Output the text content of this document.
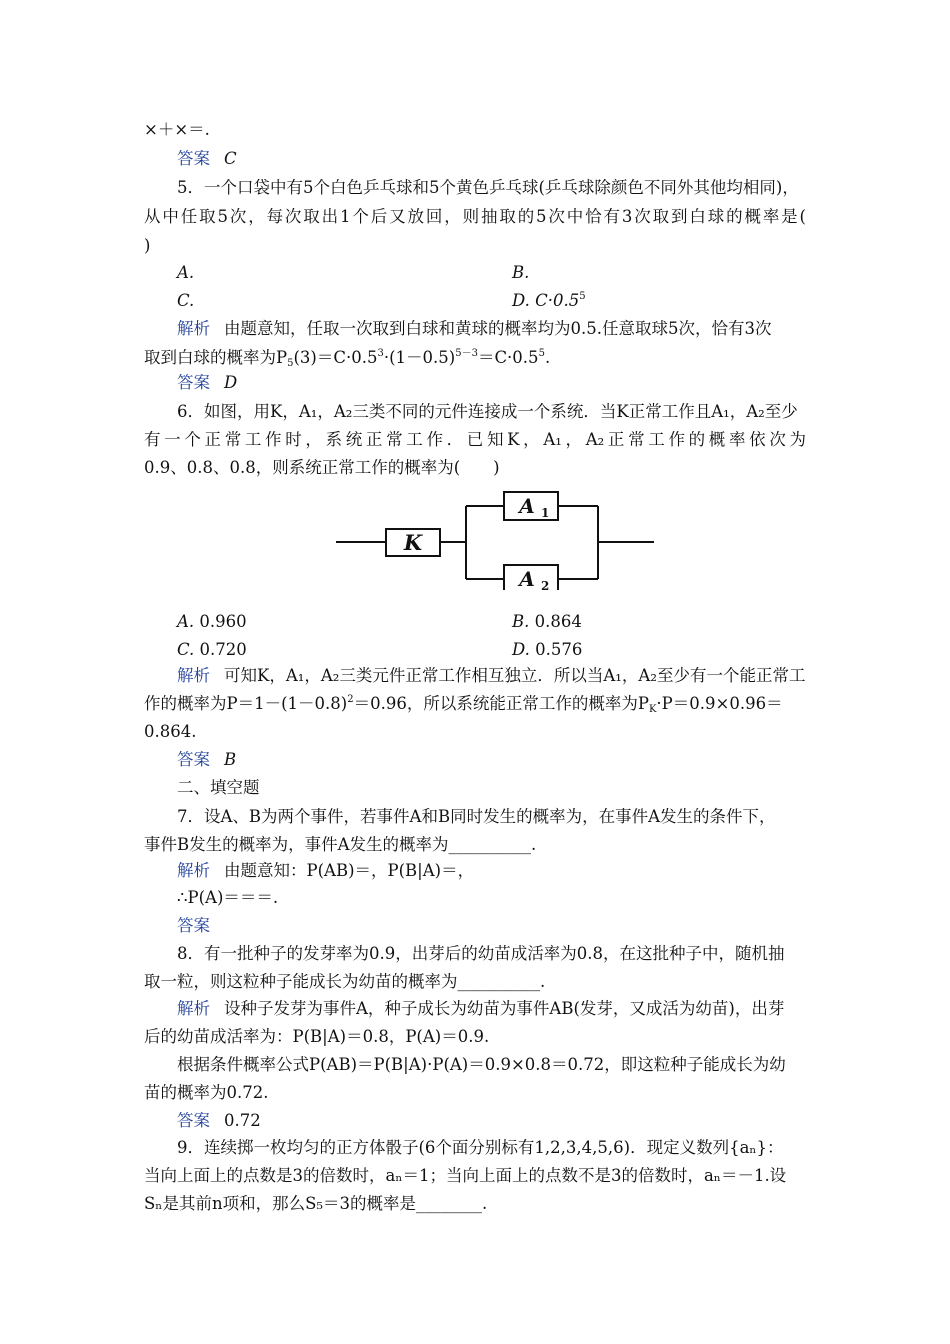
×＋×＝.
答案 C
5．一个口袋中有5个白色乒乓球和5个黄色乒乓球(乒乓球除颜色不同外其他均相同)，
从中任取5次，每次取出1个后又放回，则抽取的5次中恰有3次取到白球的概率是(
)
A.	B.
C.	D. $C\cdot 0.5^5$
解析 由题意知，任取一次取到白球和黄球的概率均为0.5.任意取球5次，恰有3次
取到白球的概率为$P_5(3)=C\cdot 0.5^3\cdot(1-0.5)^{5-3}=C\cdot 0.5^5$.
答案 D
6．如图，用K，A₁，A₂三类不同的元件连接成一个系统．当K正常工作且A₁，A₂至少
有一个正常工作时，系统正常工作．已知K，A₁，A₂正常工作的概率依次为
0.9、0.8、0.8，则系统正常工作的概率为(　　)
K
A 1
A 2
A. 0.960	B. 0.864
C. 0.720	D. 0.576
解析 可知K，A₁，A₂三类元件正常工作相互独立．所以当A₁，A₂至少有一个能正常工
作的概率为$P=1-(1-0.8)^2=0.96$，所以系统能正常工作的概率为$P_K\cdot P=0.9\times 0.96=$
0.864.
答案 B
二、填空题
7．设A、B为两个事件，若事件A和B同时发生的概率为，在事件A发生的条件下，
事件B发生的概率为，事件A发生的概率为__________.
解析 由题意知：P(AB)＝，P(B|A)＝，
∴P(A)＝＝＝.
答案
8．有一批种子的发芽率为0.9，出芽后的幼苗成活率为0.8，在这批种子中，随机抽
取一粒，则这粒种子能成长为幼苗的概率为__________.
解析 设种子发芽为事件A，种子成长为幼苗为事件AB(发芽，又成活为幼苗)，出芽
后的幼苗成活率为：P(B|A)＝0.8，P(A)＝0.9.
根据条件概率公式P(AB)＝P(B|A)·P(A)＝0.9×0.8＝0.72，即这粒种子能成长为幼
苗的概率为0.72.
答案 0.72
9．连续掷一枚均匀的正方体骰子(6个面分别标有1,2,3,4,5,6)．现定义数列{aₙ}：
当向上面上的点数是3的倍数时，aₙ＝1；当向上面上的点数不是3的倍数时，aₙ＝－1.设
Sₙ是其前n项和，那么S₅＝3的概率是________.
